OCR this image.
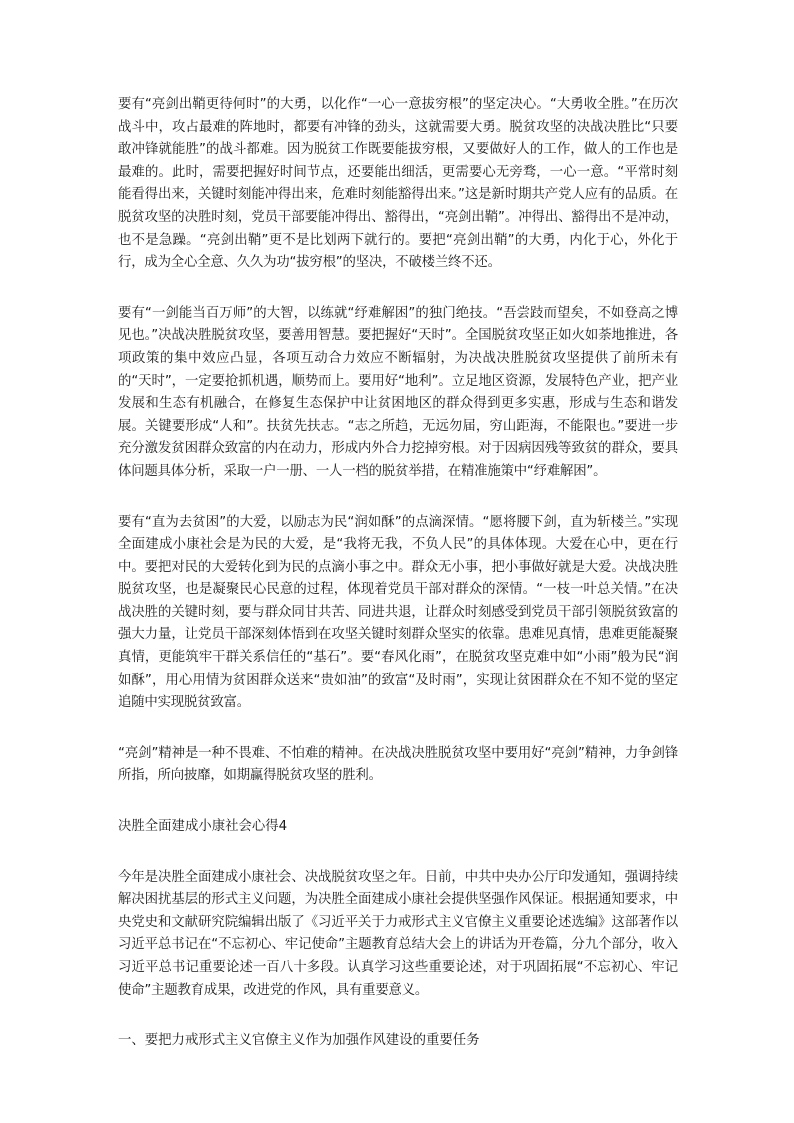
要有“亮剑出鞘更待何时”的大勇，以化作“一心一意拔穷根”的坚定决心。“大勇收全胜。”在历次战斗中，攻占最难的阵地时，都要有冲锋的劲头，这就需要大勇。脱贫攻坚的决战决胜比“只要敢冲锋就能胜”的战斗都难。因为脱贫工作既要能拔穷根，又要做好人的工作，做人的工作也是最难的。此时，需要把握好时间节点，还要能出细活，更需要心无旁骛，一心一意。“平常时刻能看得出来，关键时刻能冲得出来，危难时刻能豁得出来。”这是新时期共产党人应有的品质。在脱贫攻坚的决胜时刻，党员干部要能冲得出、豁得出，“亮剑出鞘”。冲得出、豁得出不是冲动，也不是急躁。“亮剑出鞘”更不是比划两下就行的。要把“亮剑出鞘”的大勇，内化于心，外化于行，成为全心全意、久久为功“拔穷根”的坚决，不破楼兰终不还。

要有“一剑能当百万师”的大智，以练就“纾难解困”的独门绝技。“吾尝跂而望矣，不如登高之博见也。”决战决胜脱贫攻坚，要善用智慧。要把握好“天时”。全国脱贫攻坚正如火如荼地推进，各项政策的集中效应凸显，各项互动合力效应不断辐射，为决战决胜脱贫攻坚提供了前所未有的“天时”，一定要抢抓机遇，顺势而上。要用好“地利”。立足地区资源，发展特色产业，把产业发展和生态有机融合，在修复生态保护中让贫困地区的群众得到更多实惠，形成与生态和谐发展。关键要形成“人和”。扶贫先扶志。“志之所趋，无远勿届，穷山距海，不能限也。”要进一步充分激发贫困群众致富的内在动力，形成内外合力挖掉穷根。对于因病因残等致贫的群众，要具体问题具体分析，采取一户一册、一人一档的脱贫举措，在精准施策中“纾难解困”。

要有“直为去贫困”的大爱，以励志为民“润如酥”的点滴深情。“愿将腰下剑，直为斩楼兰。”实现全面建成小康社会是为民的大爱，是“我将无我，不负人民”的具体体现。大爱在心中，更在行中。要把对民的大爱转化到为民的点滴小事之中。群众无小事，把小事做好就是大爱。决战决胜脱贫攻坚，也是凝聚民心民意的过程，体现着党员干部对群众的深情。“一枝一叶总关情。”在决战决胜的关键时刻，要与群众同甘共苦、同进共退，让群众时刻感受到党员干部引领脱贫致富的强大力量，让党员干部深刻体悟到在攻坚关键时刻群众坚实的依靠。患难见真情，患难更能凝聚真情，更能筑牢干群关系信任的“基石”。要“春风化雨”，在脱贫攻坚克难中如“小雨”般为民“润如酥”，用心用情为贫困群众送来“贵如油”的致富“及时雨”，实现让贫困群众在不知不觉的坚定追随中实现脱贫致富。

“亮剑”精神是一种不畏难、不怕难的精神。在决战决胜脱贫攻坚中要用好“亮剑”精神，力争剑锋所指，所向披靡，如期赢得脱贫攻坚的胜利。

决胜全面建成小康社会心得4

今年是决胜全面建成小康社会、决战脱贫攻坚之年。日前，中共中央办公厅印发通知，强调持续解决困扰基层的形式主义问题，为决胜全面建成小康社会提供坚强作风保证。根据通知要求，中央党史和文献研究院编辑出版了《习近平关于力戒形式主义官僚主义重要论述选编》这部著作以习近平总书记在“不忘初心、牢记使命”主题教育总结大会上的讲话为开卷篇，分九个部分，收入习近平总书记重要论述一百八十多段。认真学习这些重要论述，对于巩固拓展“不忘初心、牢记使命”主题教育成果，改进党的作风，具有重要意义。

一、要把力戒形式主义官僚主义作为加强作风建设的重要任务
